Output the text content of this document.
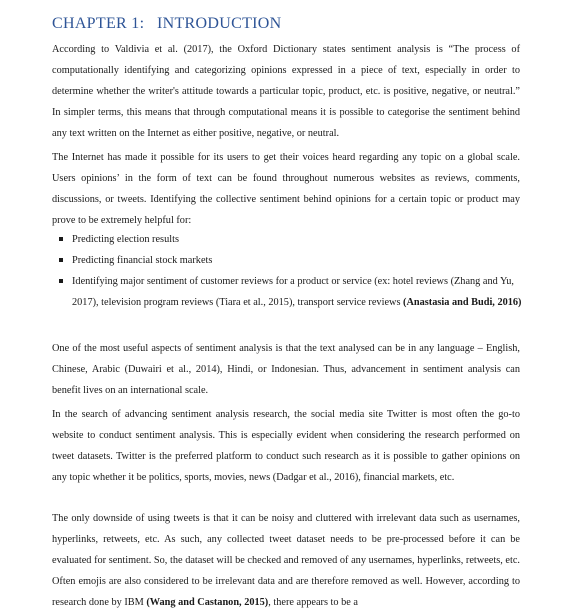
CHAPTER 1: INTRODUCTION

According to Valdivia et al. (2017), the Oxford Dictionary states sentiment analysis is “The process of computationally identifying and categorizing opinions expressed in a piece of text, especially in order to determine whether the writer's attitude towards a particular topic, product, etc. is positive, negative, or neutral.” In simpler terms, this means that through computational means it is possible to categorise the sentiment behind any text written on the Internet as either positive, negative, or neutral.

The Internet has made it possible for its users to get their voices heard regarding any topic on a global scale. Users opinions’ in the form of text can be found throughout numerous websites as reviews, comments, discussions, or tweets. Identifying the collective sentiment behind opinions for a certain topic or product may prove to be extremely helpful for:

Predicting election results
Predicting financial stock markets
Identifying major sentiment of customer reviews for a product or service (ex: hotel reviews (Zhang and Yu, 2017), television program reviews (Tiara et al., 2015), transport service reviews (Anastasia and Budi, 2016)

One of the most useful aspects of sentiment analysis is that the text analysed can be in any language – English, Chinese, Arabic (Duwairi et al., 2014), Hindi, or Indonesian. Thus, advancement in sentiment analysis can benefit lives on an international scale.

In the search of advancing sentiment analysis research, the social media site Twitter is most often the go-to website to conduct sentiment analysis. This is especially evident when considering the research performed on tweet datasets. Twitter is the preferred platform to conduct such research as it is possible to gather opinions on any topic whether it be politics, sports, movies, news (Dadgar et al., 2016), financial markets, etc.

The only downside of using tweets is that it can be noisy and cluttered with irrelevant data such as usernames, hyperlinks, retweets, etc. As such, any collected tweet dataset needs to be pre-processed before it can be evaluated for sentiment. So, the dataset will be checked and removed of any usernames, hyperlinks, retweets, etc. Often emojis are also considered to be irrelevant data and are therefore removed as well. However, according to research done by IBM (Wang and Castanon, 2015), there appears to be a
